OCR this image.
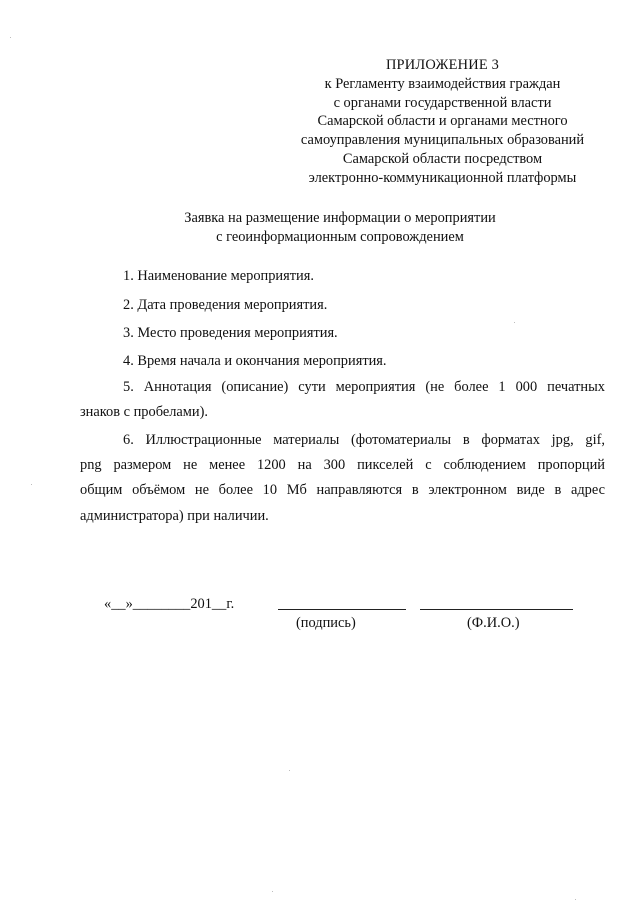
ПРИЛОЖЕНИЕ 3
к Регламенту взаимодействия граждан
с органами государственной власти
Самарской области и органами местного
самоуправления муниципальных образований
Самарской области посредством
электронно-коммуникационной платформы
Заявка на размещение информации о мероприятии
с геоинформационным сопровождением
1. Наименование мероприятия.
2. Дата проведения мероприятия.
3. Место проведения мероприятия.
4. Время начала и окончания мероприятия.
5. Аннотация (описание) сути мероприятия (не более 1 000 печатных
знаков с пробелами).
6. Иллюстрационные материалы (фотоматериалы в форматах jpg, gif,
png размером не менее 1200 на 300 пикселей с соблюдением пропорций
общим объёмом не более 10 Мб направляются в электронном виде в адрес
администратора) при наличии.
«__»________201__г.
(подпись)	(Ф.И.О.)
